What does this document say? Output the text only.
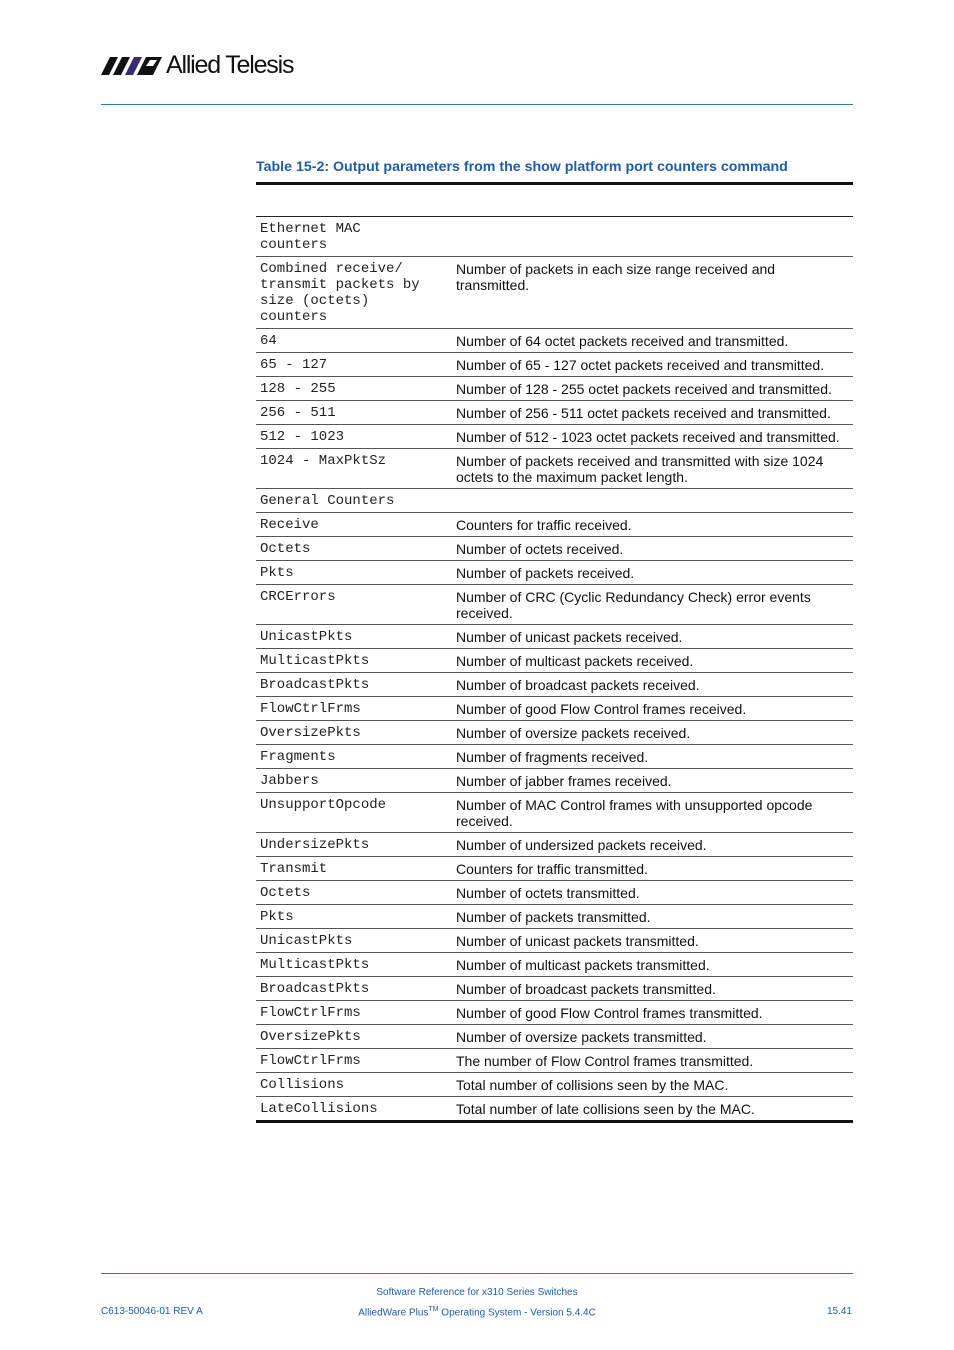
Allied Telesis
Table 15-2: Output parameters from the show platform port counters command
Ethernet MAC
counters	
Combined receive/
transmit packets by
size (octets)
counters	Number of packets in each size range received and transmitted.
64	Number of 64 octet packets received and transmitted.
65 - 127	Number of 65 - 127 octet packets received and transmitted.
128 - 255	Number of 128 - 255 octet packets received and transmitted.
256 - 511	Number of 256 - 511 octet packets received and transmitted.
512 - 1023	Number of 512 - 1023 octet packets received and transmitted.
1024 - MaxPktSz	Number of packets received and transmitted with size 1024 octets to the maximum packet length.
General Counters	
Receive	Counters for traffic received.
Octets	Number of octets received.
Pkts	Number of packets received.
CRCErrors	Number of CRC (Cyclic Redundancy Check) error events received.
UnicastPkts	Number of unicast packets received.
MulticastPkts	Number of multicast packets received.
BroadcastPkts	Number of broadcast packets received.
FlowCtrlFrms	Number of good Flow Control frames received.
OversizePkts	Number of oversize packets received.
Fragments	Number of fragments received.
Jabbers	Number of jabber frames received.
UnsupportOpcode	Number of MAC Control frames with unsupported opcode received.
UndersizePkts	Number of undersized packets received.
Transmit	Counters for traffic transmitted.
Octets	Number of octets transmitted.
Pkts	Number of packets transmitted.
UnicastPkts	Number of unicast packets transmitted.
MulticastPkts	Number of multicast packets transmitted.
BroadcastPkts	Number of broadcast packets transmitted.
FlowCtrlFrms	Number of good Flow Control frames transmitted.
OversizePkts	Number of oversize packets transmitted.
FlowCtrlFrms	The number of Flow Control frames transmitted.
Collisions	Total number of collisions seen by the MAC.
LateCollisions	Total number of late collisions seen by the MAC.
Software Reference for x310 Series Switches
AlliedWare Plus™ Operating System - Version 5.4.4C
C613-50046-01 REV A	15.41
